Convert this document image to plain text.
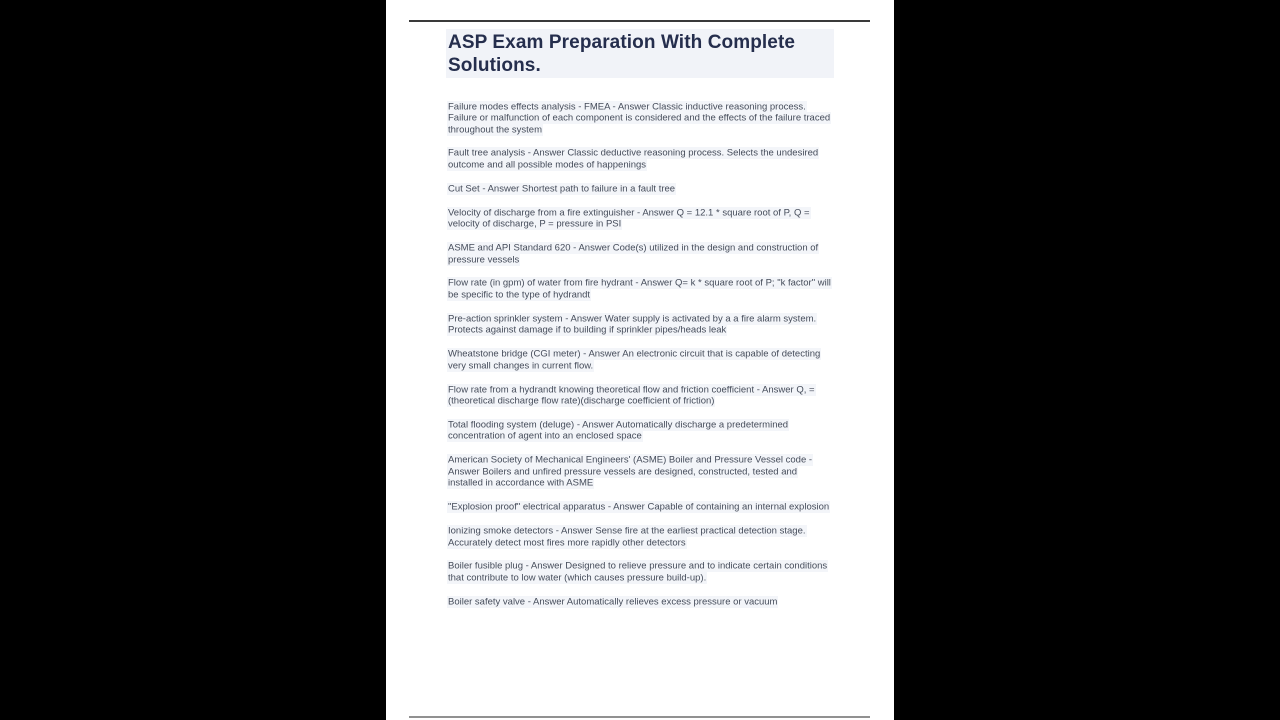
ASP Exam Preparation With Complete Solutions.

Failure modes effects analysis - FMEA - Answer Classic inductive reasoning process. Failure or malfunction of each component is considered and the effects of the failure traced throughout the system

Fault tree analysis - Answer Classic deductive reasoning process. Selects the undesired outcome and all possible modes of happenings

Cut Set - Answer Shortest path to failure in a fault tree

Velocity of discharge from a fire extinguisher - Answer Q = 12.1 * square root of P, Q = velocity of discharge, P = pressure in PSI

ASME and API Standard 620 - Answer Code(s) utilized in the design and construction of pressure vessels

Flow rate (in gpm) of water from fire hydrant - Answer Q= k * square root of P; "k factor" will be specific to the type of hydrandt

Pre-action sprinkler system - Answer Water supply is activated by a a fire alarm system. Protects against damage if to building if sprinkler pipes/heads leak

Wheatstone bridge (CGI meter) - Answer An electronic circuit that is capable of detecting very small changes in current flow.

Flow rate from a hydrandt knowing theoretical flow and friction coefficient - Answer Q, = (theoretical discharge flow rate)(discharge coefficient of friction)

Total flooding system (deluge) - Answer Automatically discharge a predetermined concentration of agent into an enclosed space

American Society of Mechanical Engineers' (ASME) Boiler and Pressure Vessel code - Answer Boilers and unfired pressure vessels are designed, constructed, tested and installed in accordance with ASME

"Explosion proof" electrical apparatus - Answer Capable of containing an internal explosion

Ionizing smoke detectors - Answer Sense fire at the earliest practical detection stage. Accurately detect most fires more rapidly other detectors

Boiler fusible plug - Answer Designed to relieve pressure and to indicate certain conditions that contribute to low water (which causes pressure build-up).

Boiler safety valve - Answer Automatically relieves excess pressure or vacuum
